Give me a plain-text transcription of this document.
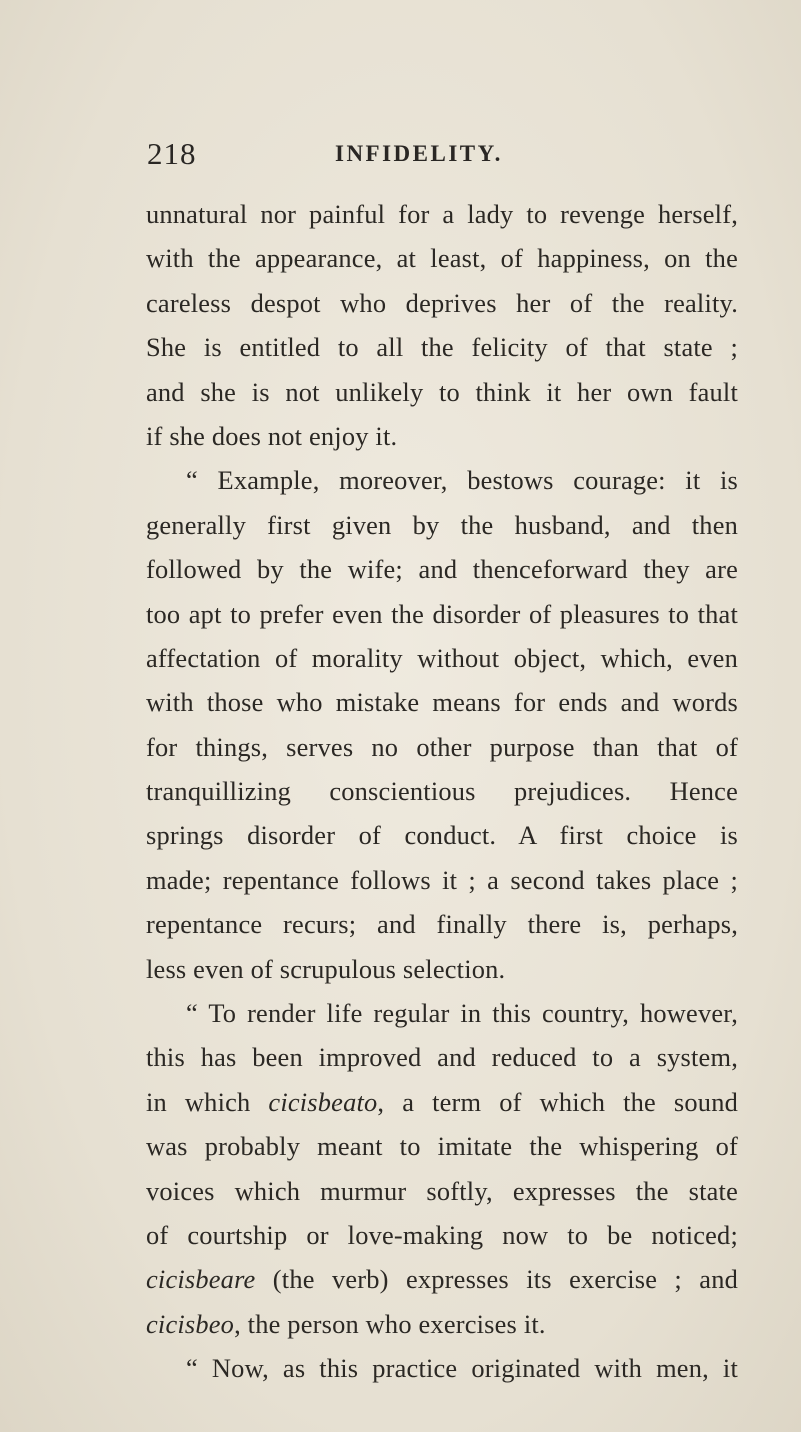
218	INFIDELITY.
unnatural nor painful for a lady to revenge herself,
with the appearance, at least, of happiness, on the
careless despot who deprives her of the reality.
She is entitled to all the felicity of that state ;
and she is not unlikely to think it her own fault
if she does not enjoy it.
“ Example, moreover, bestows courage: it is
generally first given by the husband, and then
followed by the wife; and thenceforward they are
too apt to prefer even the disorder of pleasures to that
affectation of morality without object, which, even
with those who mistake means for ends and words
for things, serves no other purpose than that of
tranquillizing conscientious prejudices. Hence
springs disorder of conduct. A first choice is
made; repentance follows it ; a second takes place ;
repentance recurs; and finally there is, perhaps,
less even of scrupulous selection.
“ To render life regular in this country, however,
this has been improved and reduced to a system,
in which cicisbeato, a term of which the sound
was probably meant to imitate the whispering of
voices which murmur softly, expresses the state
of courtship or love-making now to be noticed;
cicisbeare (the verb) expresses its exercise ; and
cicisbeo, the person who exercises it.
“ Now, as this practice originated with men, it
